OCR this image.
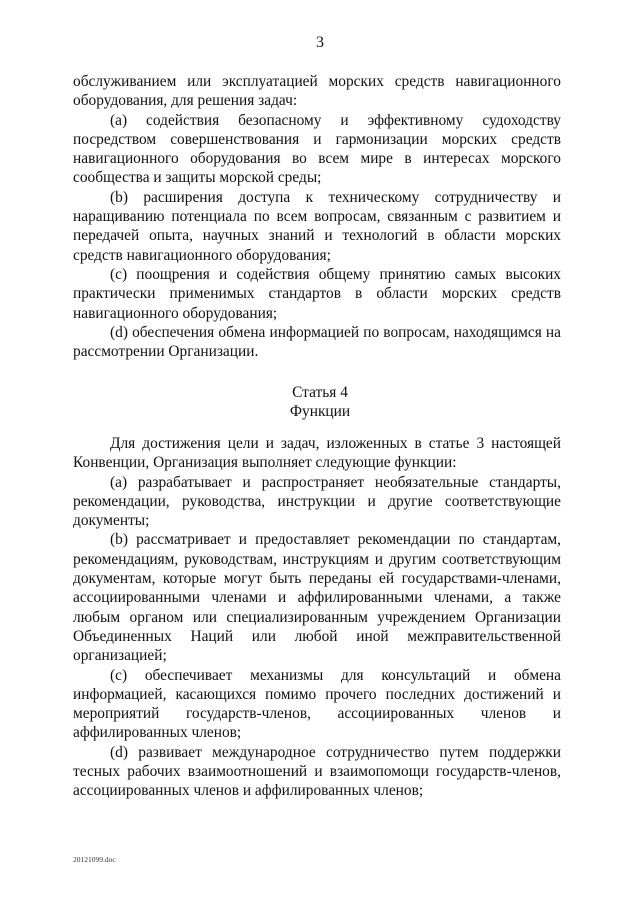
3

обслуживанием или эксплуатацией морских средств навигационного оборудования, для решения задач:

(a) содействия безопасному и эффективному судоходству посредством совершенствования и гармонизации морских средств навигационного оборудования во всем мире в интересах морского сообщества и защиты морской среды;

(b) расширения доступа к техническому сотрудничеству и наращиванию потенциала по всем вопросам, связанным с развитием и передачей опыта, научных знаний и технологий в области морских средств навигационного оборудования;

(c) поощрения и содействия общему принятию самых высоких практически применимых стандартов в области морских средств навигационного оборудования;

(d) обеспечения обмена информацией по вопросам, находящимся на рассмотрении Организации.

Статья 4
Функции

Для достижения цели и задач, изложенных в статье 3 настоящей Конвенции, Организация выполняет следующие функции:

(a) разрабатывает и распространяет необязательные стандарты, рекомендации, руководства, инструкции и другие соответствующие документы;

(b) рассматривает и предоставляет рекомендации по стандартам, рекомендациям, руководствам, инструкциям и другим соответствующим документам, которые могут быть переданы ей государствами-членами, ассоциированными членами и аффилированными членами, а также любым органом или специализированным учреждением Организации Объединенных Наций или любой иной межправительственной организацией;

(c) обеспечивает механизмы для консультаций и обмена информацией, касающихся помимо прочего последних достижений и мероприятий государств-членов, ассоциированных членов и аффилированных членов;

(d) развивает международное сотрудничество путем поддержки тесных рабочих взаимоотношений и взаимопомощи государств-членов, ассоциированных членов и аффилированных членов;

20121099.doc
